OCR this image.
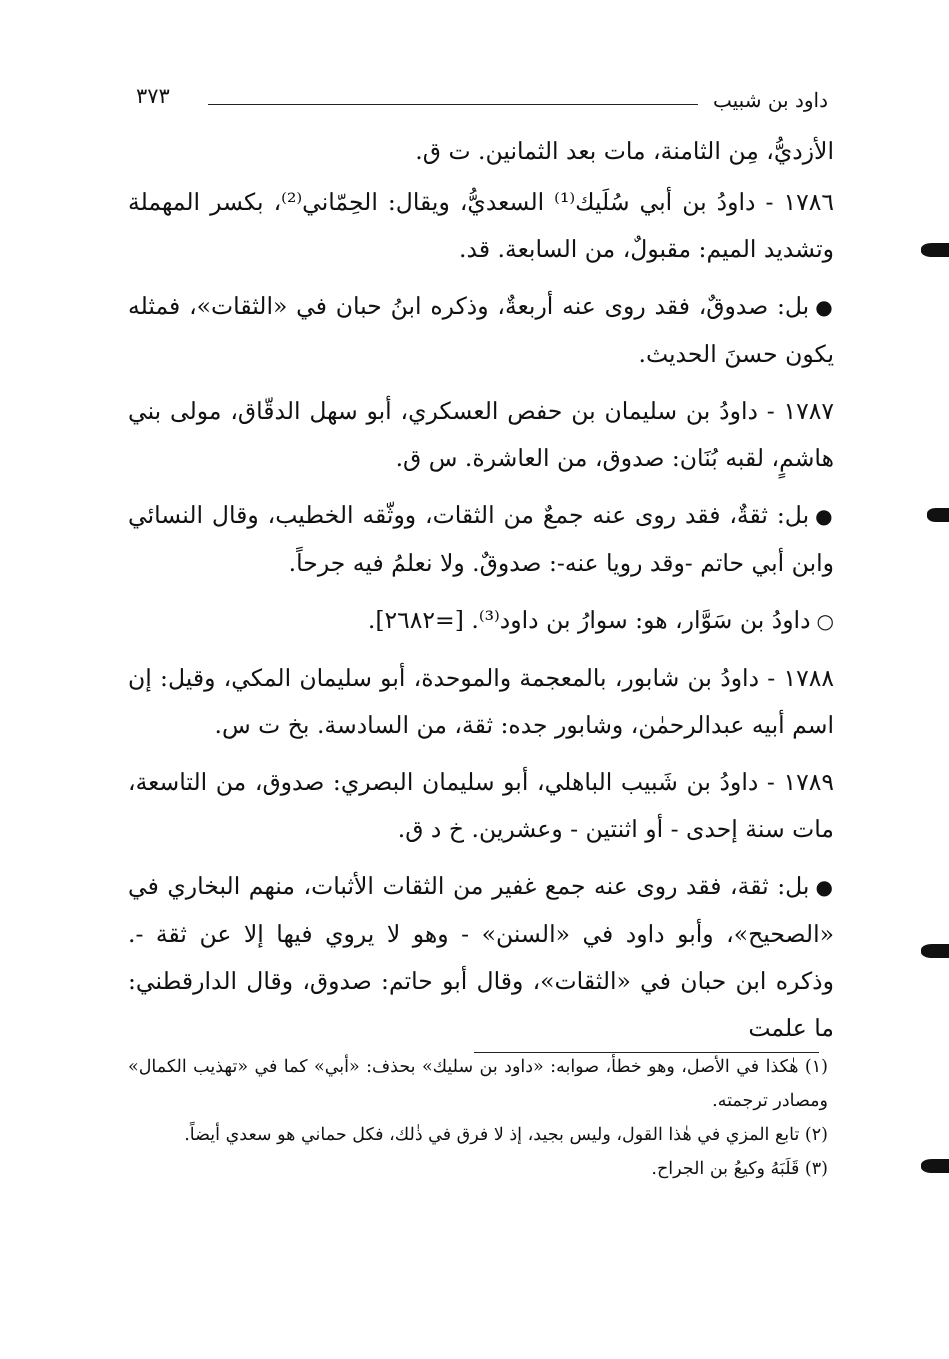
داود بن شبيب
٣٧٣

الأزديُّ، مِن الثامنة، مات بعد الثمانين. ت ق.

١٧٨٦ - داودُ بن أبي سُلَيك⁽¹⁾ السعديُّ، ويقال: الحِمّاني⁽²⁾، بكسر المهملة وتشديد الميم: مقبولٌ، من السابعة. قد.

● بل: صدوقٌ، فقد روى عنه أربعةٌ، وذكره ابنُ حبان في «الثقات»، فمثله يكون حسنَ الحديث.

١٧٨٧ - داودُ بن سليمان بن حفص العسكري، أبو سهل الدقّاق، مولى بني هاشمٍ، لقبه بُنَان: صدوق، من العاشرة. س ق.

● بل: ثقةٌ، فقد روى عنه جمعٌ من الثقات، ووثّقه الخطيب، وقال النسائي وابن أبي حاتم -وقد رويا عنه-: صدوقٌ. ولا نعلمُ فيه جرحاً.

○ داودُ بن سَوَّار، هو: سوارُ بن داود⁽³⁾. [=٢٦٨٢].

١٧٨٨ - داودُ بن شابور، بالمعجمة والموحدة، أبو سليمان المكي، وقيل: إن اسم أبيه عبدالرحمٰن، وشابور جده: ثقة، من السادسة. بخ ت س.

١٧٨٩ - داودُ بن شَبيب الباهلي، أبو سليمان البصري: صدوق، من التاسعة، مات سنة إحدى - أو اثنتين - وعشرين. خ د ق.

● بل: ثقة، فقد روى عنه جمع غفير من الثقات الأثبات، منهم البخاري في «الصحيح»، وأبو داود في «السنن» - وهو لا يروي فيها إلا عن ثقة -. وذكره ابن حبان في «الثقات»، وقال أبو حاتم: صدوق، وقال الدارقطني: ما علمت

(١) هٰكذا في الأصل، وهو خطأ، صوابه: «داود بن سليك» بحذف: «أبي» كما في «تهذيب الكمال» ومصادر ترجمته.

(٢) تابع المزي في هٰذا القول، وليس بجيد، إذ لا فرق في ذٰلك، فكل حماني هو سعدي أيضاً.

(٣) قَلَبَهُ وكيعُ بن الجراح.
